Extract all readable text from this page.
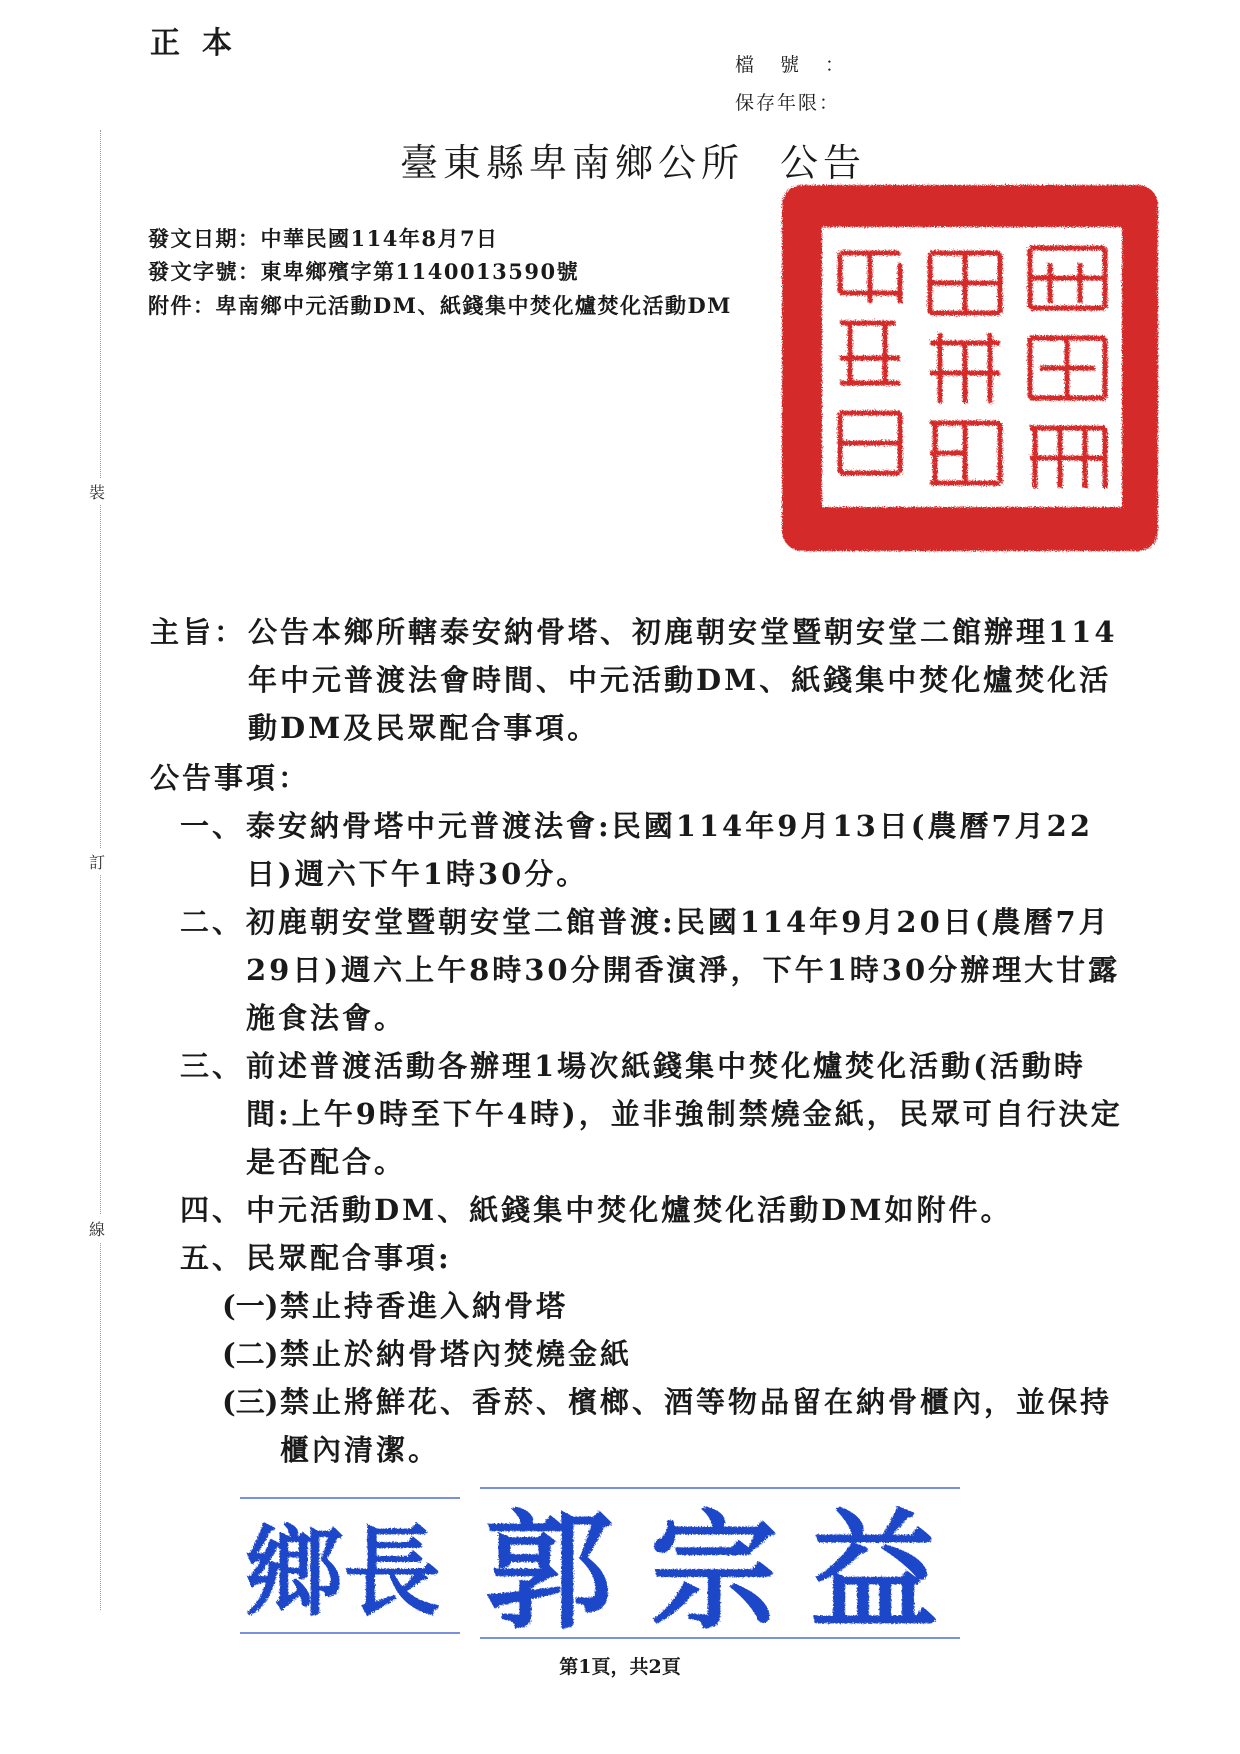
正本
檔號：
保存年限：
裝
訂
線
臺東縣卑南鄉公所 公告
發文日期：中華民國114年8月7日
發文字號：東卑鄉殯字第1140013590號
附件：卑南鄉中元活動DM、紙錢集中焚化爐焚化活動DM
主旨： 公告本鄉所轄泰安納骨塔、初鹿朝安堂暨朝安堂二館辦理114年中元普渡法會時間、中元活動DM、紙錢集中焚化爐焚化活動DM及民眾配合事項。
公告事項：
一、 泰安納骨塔中元普渡法會:民國114年9月13日(農曆7月22日)週六下午1時30分。
二、 初鹿朝安堂暨朝安堂二館普渡:民國114年9月20日(農曆7月29日)週六上午8時30分開香演淨，下午1時30分辦理大甘露施食法會。
三、 前述普渡活動各辦理1場次紙錢集中焚化爐焚化活動(活動時間:上午9時至下午4時)，並非強制禁燒金紙，民眾可自行決定是否配合。
四、 中元活動DM、紙錢集中焚化爐焚化活動DM如附件。
五、 民眾配合事項:
(一) 禁止持香進入納骨塔
(二) 禁止於納骨塔內焚燒金紙
(三) 禁止將鮮花、香菸、檳榔、酒等物品留在納骨櫃內，並保持櫃內清潔。
鄉長 郭 宗 益
第1頁，共2頁
